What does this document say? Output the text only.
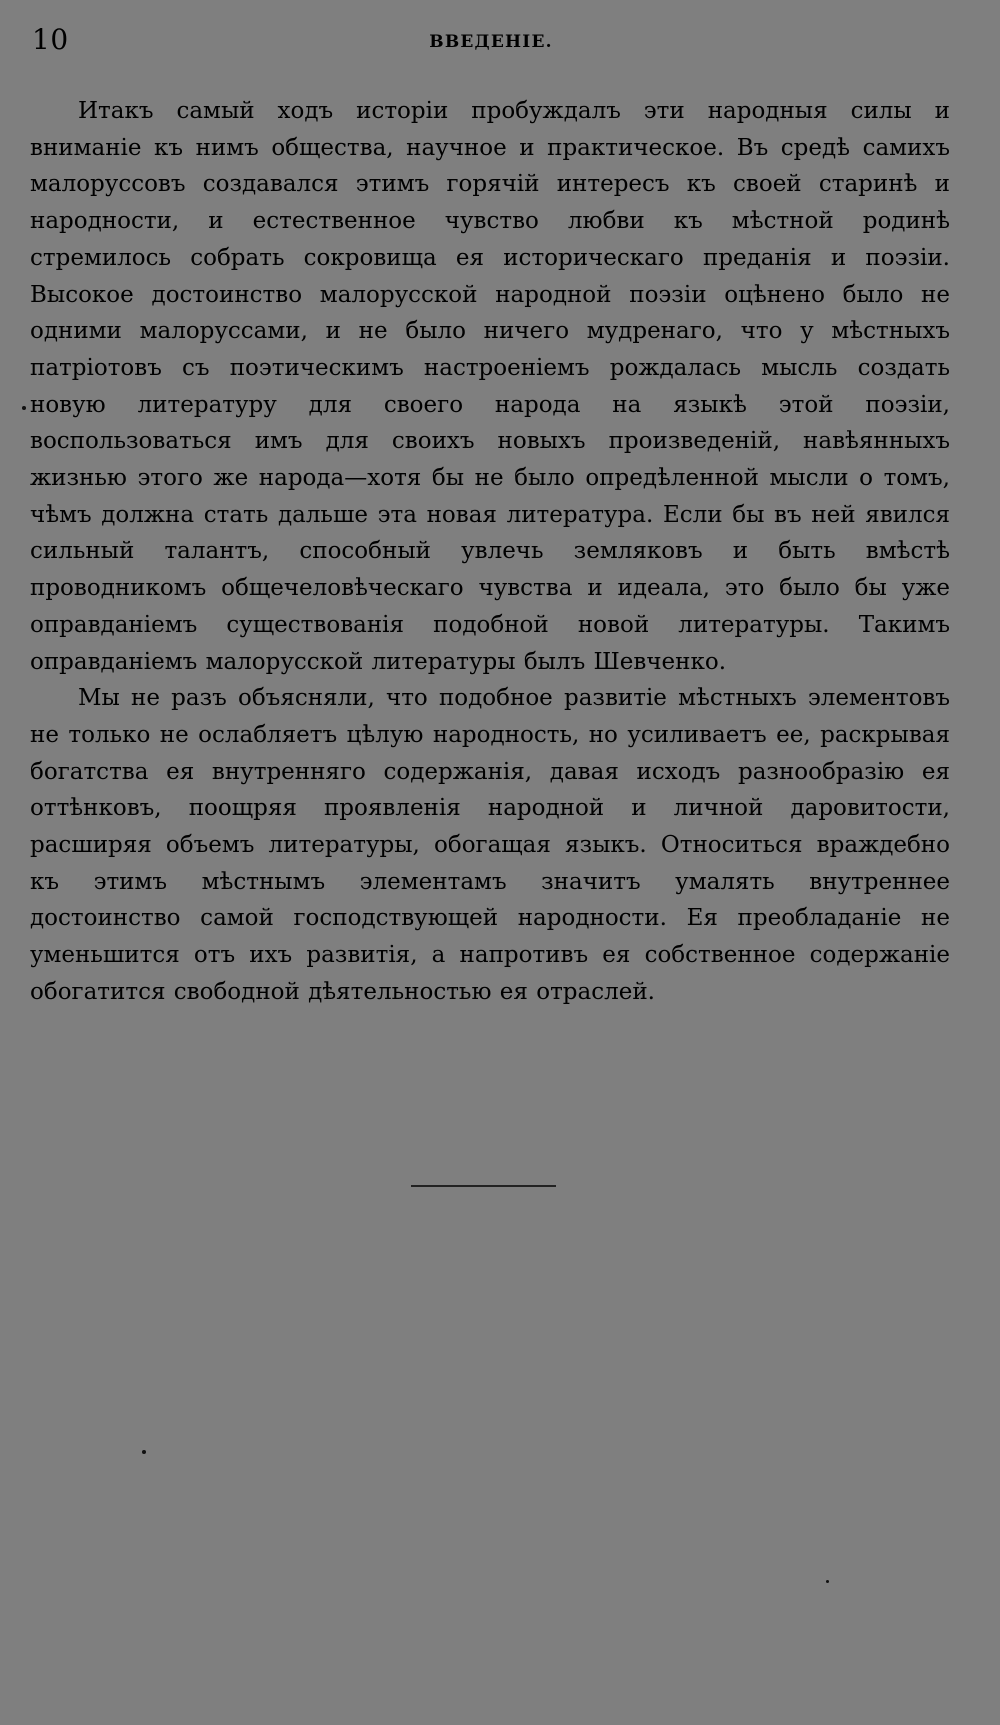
10	ВВЕДЕНІЕ.

Итакъ самый ходъ исторіи пробуждалъ эти народныя силы и вниманіе къ нимъ общества, научное и практическое. Въ средѣ самихъ малоруссовъ создавался этимъ горячій интересъ къ своей старинѣ и народности, и естественное чувство любви къ мѣстной родинѣ стремилось собрать сокровища ея историческаго преданія и поэзіи. Высокое достоинство малорусской народной поэзіи оцѣнено было не одними малоруссами, и не было ничего мудренаго, что у мѣстныхъ патріотовъ съ поэтическимъ настроеніемъ рождалась мысль создать новую литературу для своего народа на языкѣ этой поэзіи, воспользоваться имъ для своихъ новыхъ произведеній, навѣянныхъ жизнью этого же народа—хотя бы не было опредѣленной мысли о томъ, чѣмъ должна стать дальше эта новая литература. Если бы въ ней явился сильный талантъ, способный увлечь земляковъ и быть вмѣстѣ проводникомъ общечеловѣческаго чувства и идеала, это было бы уже оправданіемъ существованія подобной новой литературы. Такимъ оправданіемъ малорусской литературы былъ Шевченко.

Мы не разъ объясняли, что подобное развитіе мѣстныхъ элементовъ не только не ослабляетъ цѣлую народность, но усиливаетъ ее, раскрывая богатства ея внутренняго содержанія, давая исходъ разнообразію ея оттѣнковъ, поощряя проявленія народной и личной даровитости, расширяя объемъ литературы, обогащая языкъ. Относиться враждебно къ этимъ мѣстнымъ элементамъ значитъ умалять внутреннее достоинство самой господствующей народности. Ея преобладаніе не уменьшится отъ ихъ развитія, а напротивъ ея собственное содержаніе обогатится свободной дѣятельностью ея отраслей.
